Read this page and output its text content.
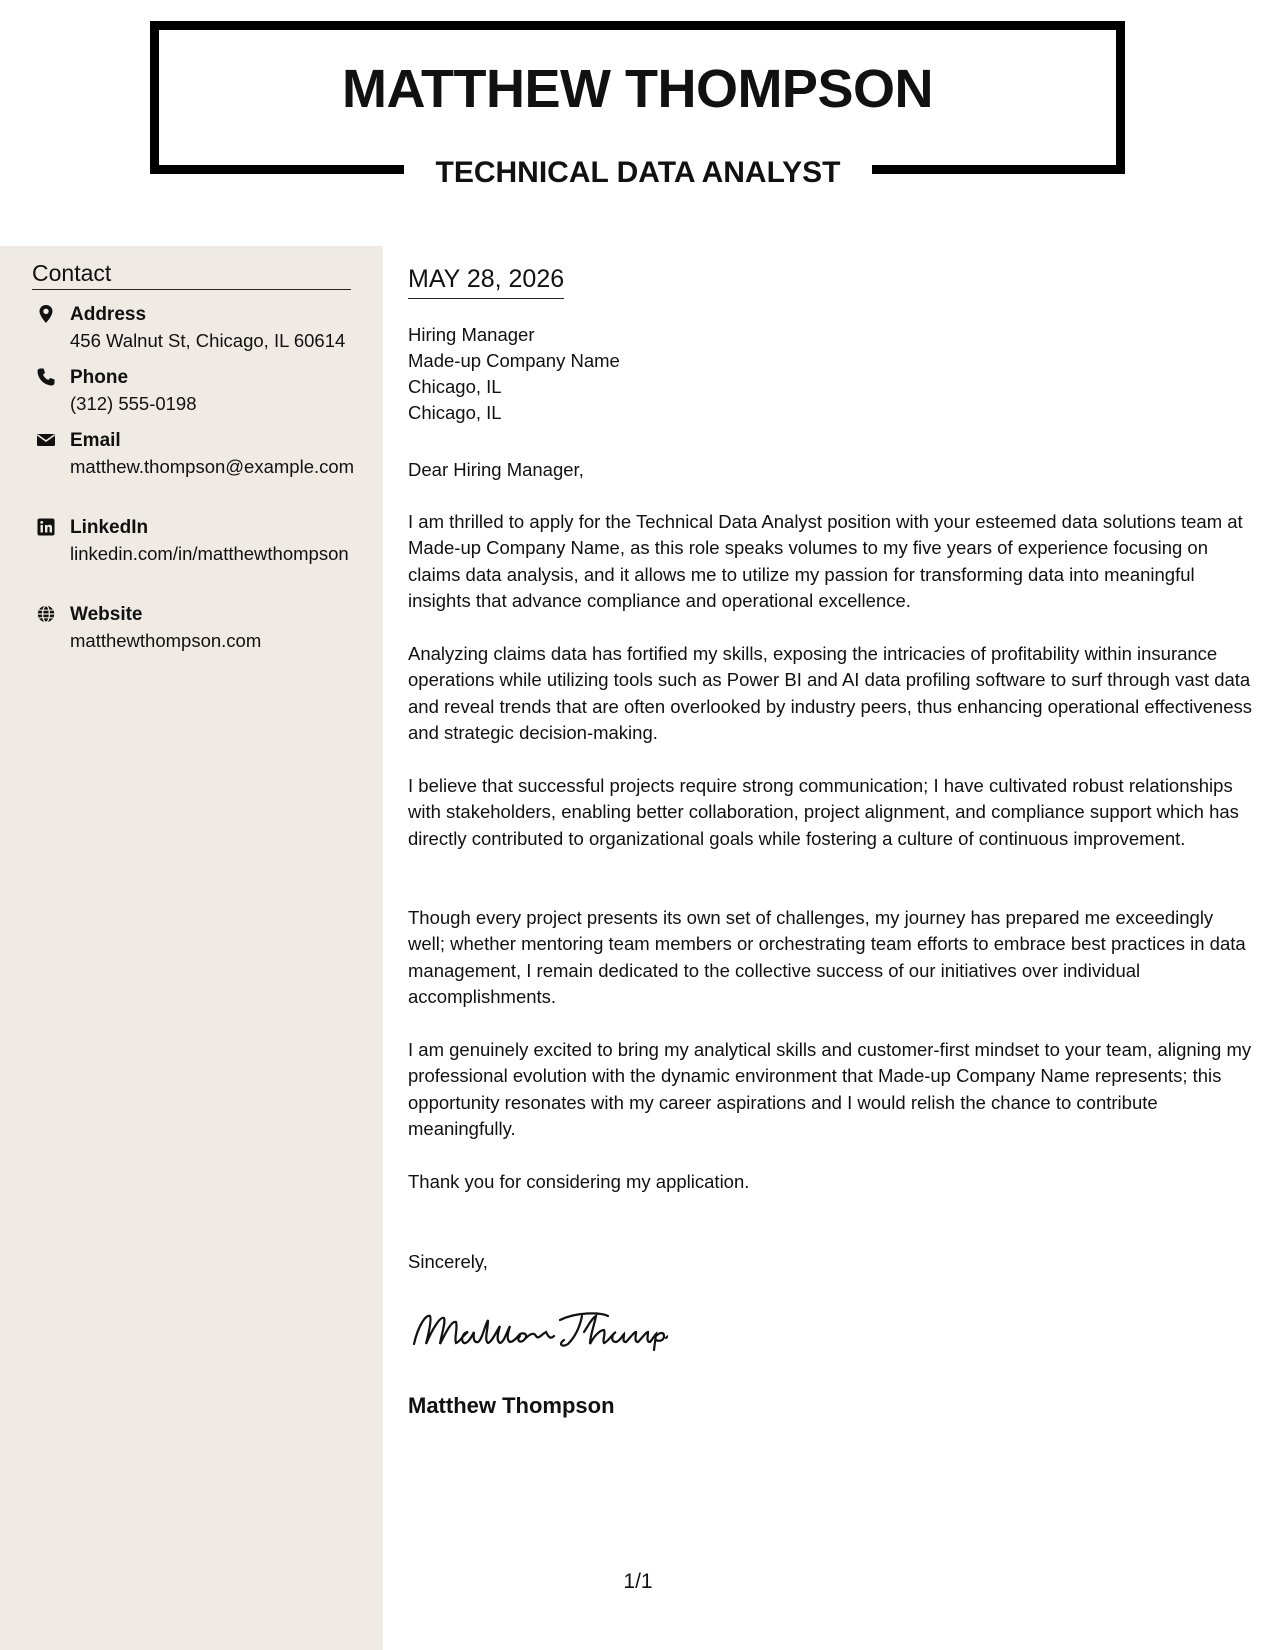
MATTHEW THOMPSON
TECHNICAL DATA ANALYST
Contact
Address
456 Walnut St, Chicago, IL 60614
Phone
(312) 555-0198
Email
matthew.thompson@example.com
LinkedIn
linkedin.com/in/matthewthompson
Website
matthewthompson.com
MAY 28, 2026
Hiring Manager
Made-up Company Name
Chicago, IL
Chicago, IL
Dear Hiring Manager,
I am thrilled to apply for the Technical Data Analyst position with your esteemed data solutions team at Made-up Company Name, as this role speaks volumes to my five years of experience focusing on claims data analysis, and it allows me to utilize my passion for transforming data into meaningful insights that advance compliance and operational excellence.
Analyzing claims data has fortified my skills, exposing the intricacies of profitability within insurance operations while utilizing tools such as Power BI and AI data profiling software to surf through vast data and reveal trends that are often overlooked by industry peers, thus enhancing operational effectiveness and strategic decision-making.
I believe that successful projects require strong communication; I have cultivated robust relationships with stakeholders, enabling better collaboration, project alignment, and compliance support which has directly contributed to organizational goals while fostering a culture of continuous improvement.
Though every project presents its own set of challenges, my journey has prepared me exceedingly well; whether mentoring team members or orchestrating team efforts to embrace best practices in data management, I remain dedicated to the collective success of our initiatives over individual accomplishments.
I am genuinely excited to bring my analytical skills and customer-first mindset to your team, aligning my professional evolution with the dynamic environment that Made-up Company Name represents; this opportunity resonates with my career aspirations and I would relish the chance to contribute meaningfully.
Thank you for considering my application.
Sincerely,
Matthew Thompson
1/1
